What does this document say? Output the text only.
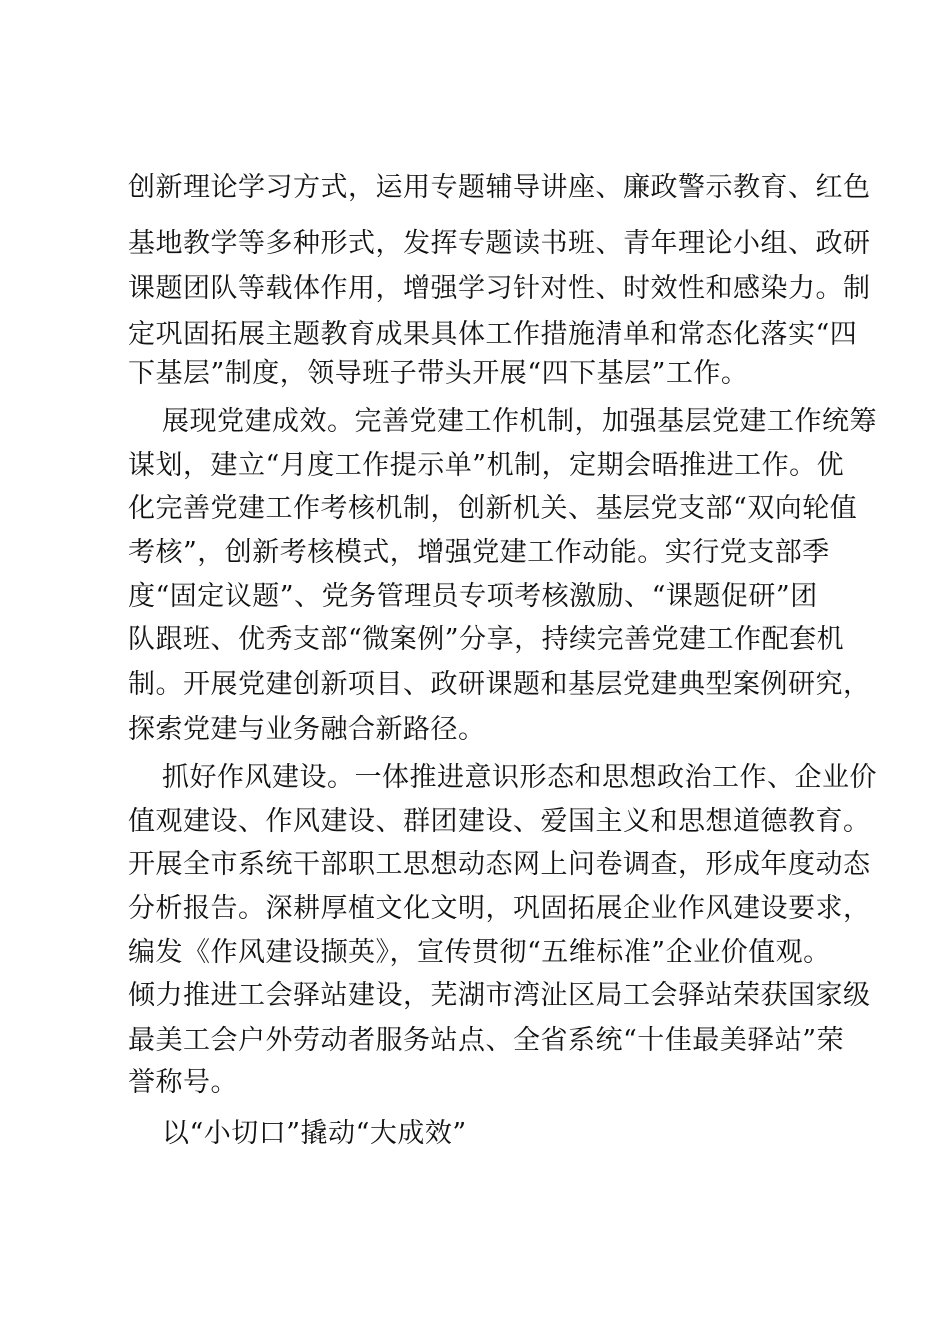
创新理论学习方式，运用专题辅导讲座、廉政警示教育、红色
基地教学等多种形式，发挥专题读书班、青年理论小组、政研
课题团队等载体作用，增强学习针对性、时效性和感染力。制
定巩固拓展主题教育成果具体工作措施清单和常态化落实“四
下基层”制度，领导班子带头开展“四下基层”工作。
展现党建成效。完善党建工作机制，加强基层党建工作统筹
谋划，建立“月度工作提示单”机制，定期会晤推进工作。优
化完善党建工作考核机制，创新机关、基层党支部“双向轮值
考核”，创新考核模式，增强党建工作动能。实行党支部季
度“固定议题”、党务管理员专项考核激励、“课题促研”团
队跟班、优秀支部“微案例”分享，持续完善党建工作配套机
制。开展党建创新项目、政研课题和基层党建典型案例研究，
探索党建与业务融合新路径。
抓好作风建设。一体推进意识形态和思想政治工作、企业价
值观建设、作风建设、群团建设、爱国主义和思想道德教育。
开展全市系统干部职工思想动态网上问卷调查，形成年度动态
分析报告。深耕厚植文化文明，巩固拓展企业作风建设要求，
编发《作风建设撷英》，宣传贯彻“五维标准”企业价值观。
倾力推进工会驿站建设，芜湖市湾沚区局工会驿站荣获国家级
最美工会户外劳动者服务站点、全省系统“十佳最美驿站”荣
誉称号。
以“小切口”撬动“大成效”
